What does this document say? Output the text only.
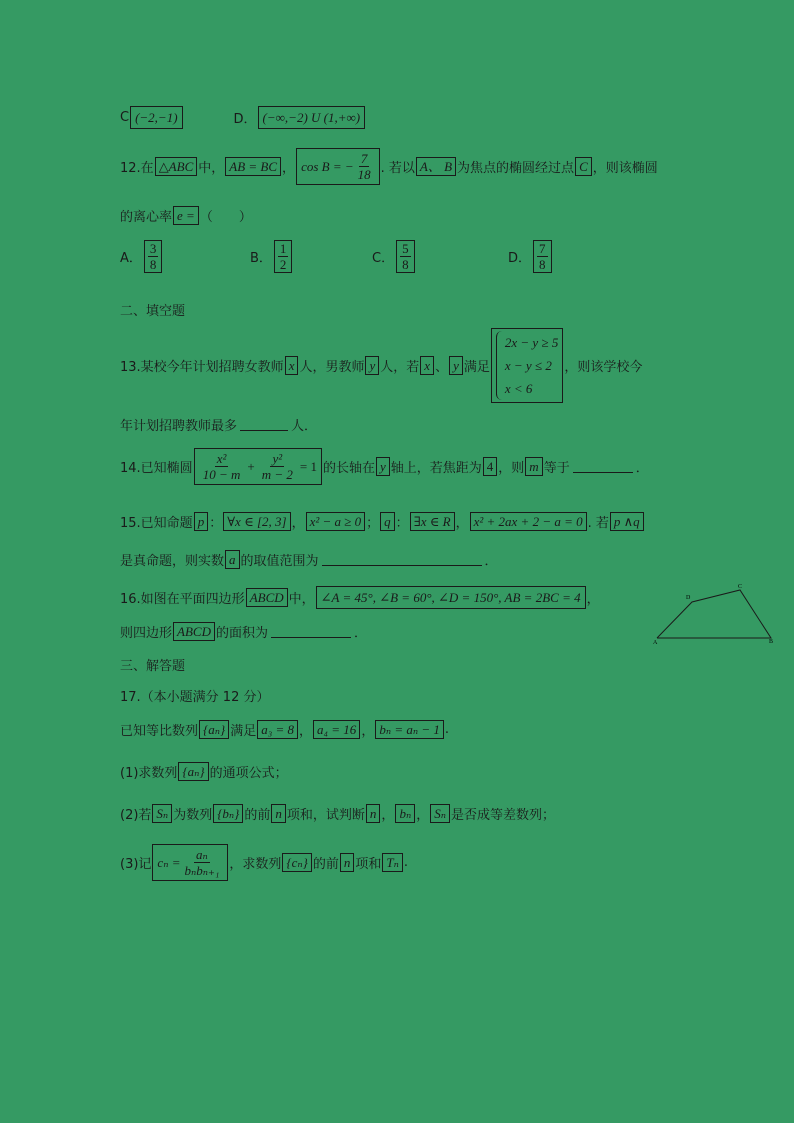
C (−2,−1)	D． (−∞,−2) U (1,+∞)
12.在 △ABC 中， AB = BC ， cos B = − $\frac{7}{18}$ . 若以 A、 B 为焦点的椭圆经过点 C ，则该椭圆
的离心率 e = （　　）
A． $\frac{3}{8}$	B． $\frac{1}{2}$	C． $\frac{5}{8}$	D． $\frac{7}{8}$
二、填空题
13.某校今年计划招聘女教师 x 人，男教师 y 人，若 x 、 y 满足
2x − y ≥ 5
x − y ≤ 2
x < 6
，则该学校今
年计划招聘教师最多	人．
14.已知椭圆 $\frac{\text{x²}}{10 - m} + \frac{\text{y²}}{m - 2} = 1$ 的长轴在 y 轴上，若焦距为 4 ，则 m 等于	．
15.已知命题 p ： ∀x ∈ [2, 3] ， x² − a ≥ 0 ； q ： ∃x ∈ R ， x² + 2ax + 2 − a = 0 . 若 p ∧q
是真命题，则实数 a 的取值范围为	．
16.如图在平面四边形 ABCD 中， ∠A = 45°, ∠B = 60°, ∠D = 150°, AB = 2BC = 4 ，
则四边形 ABCD 的面积为	．
A
D
C
B
三、解答题
17.（本小题满分 12 分）
已知等比数列 {aₙ} 满足 a₃ = 8 ， a₄ = 16 ， bₙ = aₙ − 1 .
(1)求数列 {aₙ} 的通项公式；
(2)若 Sₙ 为数列 {bₙ} 的前 n 项和，试判断 n ， bₙ ， Sₙ 是否成等差数列；
(3)记 $c_n = \frac{\text{aₙ}}{\text{bₙbₙ₊₁}}$ ，求数列 {cₙ} 的前 n 项和 Tₙ .
